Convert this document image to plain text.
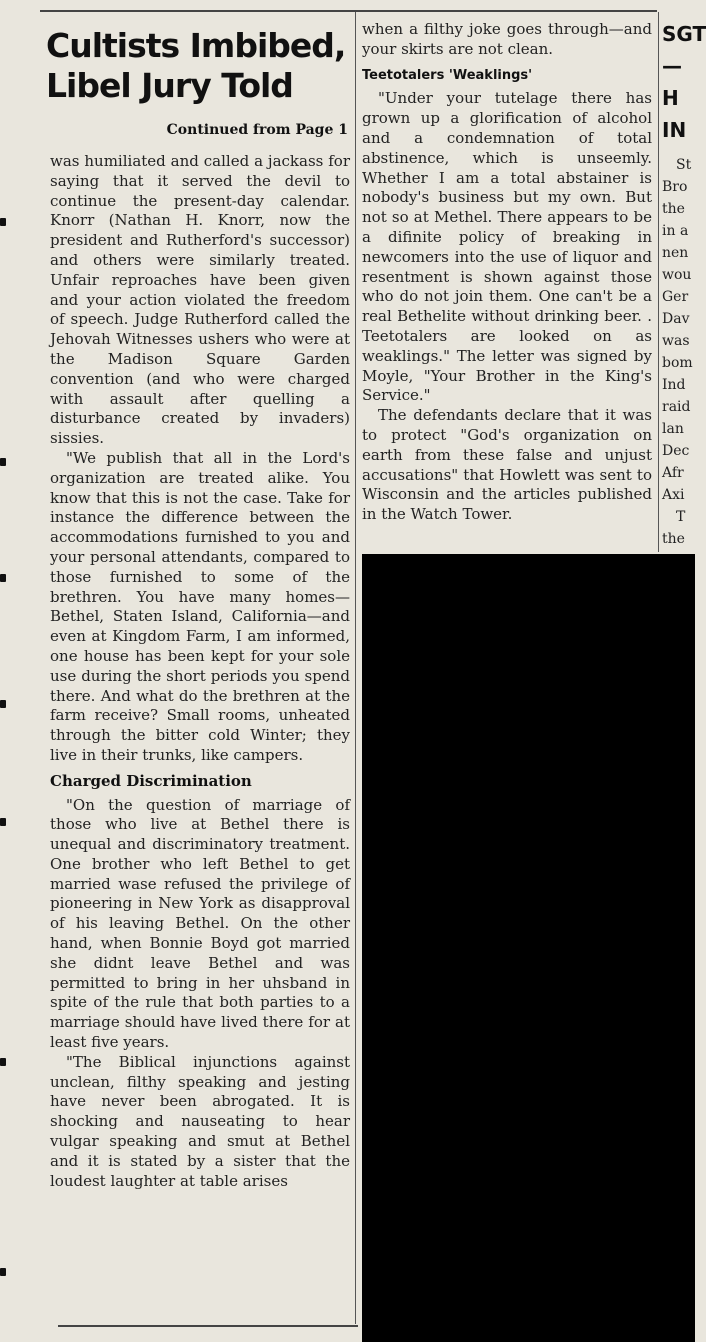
Cultists Imbibed, Libel Jury Told
Continued from Page 1

was humiliated and called a jackass for saying that it served the devil to continue the present-day calendar. Knorr (Nathan H. Knorr, now the president and Rutherford's successor) and others were similarly treated. Unfair reproaches have been given and your action violated the freedom of speech. Judge Rutherford called the Jehovah Witnesses ushers who were at the Madison Square Garden convention (and who were charged with assault after quelling a disturbance created by invaders) sissies.

"We publish that all in the Lord's organization are treated alike. You know that this is not the case. Take for instance the difference between the accommodations furnished to you and your personal attendants, compared to those furnished to some of the brethren. You have many homes—Bethel, Staten Island, California—and even at Kingdom Farm, I am informed, one house has been kept for your sole use during the short periods you spend there. And what do the brethren at the farm receive? Small rooms, unheated through the bitter cold Winter; they live in their trunks, like campers.

Charged Discrimination

"On the question of marriage of those who live at Bethel there is unequal and discriminatory treatment. One brother who left Bethel to get married wase refused the privilege of pioneering in New York as disapproval of his leaving Bethel. On the other hand, when Bonnie Boyd got married she didnt leave Bethel and was permitted to bring in her uhsband in spite of the rule that both parties to a marriage should have lived there for at least five years.

"The Biblical injunctions against unclean, filthy speaking and jesting have never been abrogated. It is shocking and nauseating to hear vulgar speaking and smut at Bethel and it is stated by a sister that the loudest laughter at table arises

when a filthy joke goes through—and your skirts are not clean.

Teetotalers 'Weaklings'

"Under your tutelage there has grown up a glorification of alcohol and a condemnation of total abstinence, which is unseemly. Whether I am a total abstainer is nobody's business but my own. But not so at Methel. There appears to be a difinite policy of breaking in newcomers into the use of liquor and resentment is shown against those who do not join them. One can't be a real Bethelite without drinking beer. . Teetotalers are looked on as weaklings." The letter was signed by Moyle, "Your Brother in the King's Service."

The defendants declare that it was to protect "God's organization on earth from these false and unjust accusations" that Howlett was sent to Wisconsin and the articles published in the Watch Tower.

SGT
—H
IN
St
Bro
the
in a
nen
wou
Ger
Dav
was
bom
Ind
raid
lan
Dec
Afr
Axi
T
the
